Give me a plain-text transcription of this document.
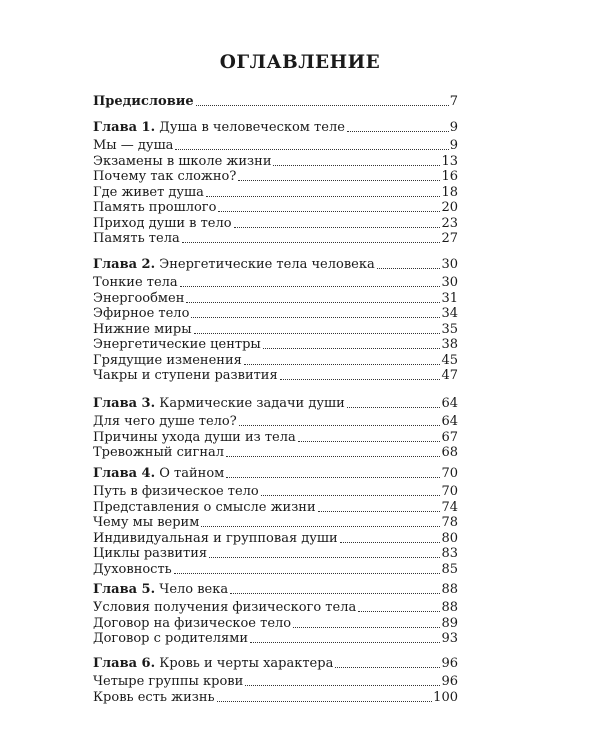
ОГЛАВЛЕНИЕ
Предисловие	7
Глава 1. Душа в человеческом теле	9
Мы — душа	9
Экзамены в школе жизни	13
Почему так сложно?	16
Где живет душа	18
Память прошлого	20
Приход души в тело	23
Память тела	27
Глава 2. Энергетические тела человека	30
Тонкие тела	30
Энергообмен	31
Эфирное тело	34
Нижние миры	35
Энергетические центры	38
Грядущие изменения	45
Чакры и ступени развития	47
Глава 3. Кармические задачи души	64
Для чего душе тело?	64
Причины ухода души из тела	67
Тревожный сигнал	68
Глава 4. О тайном	70
Путь в физическое тело	70
Представления о смысле жизни	74
Чему мы верим	78
Индивидуальная и групповая души	80
Циклы развития	83
Духовность	85
Глава 5. Чело века	88
Условия получения физического тела	88
Договор на физическое тело	89
Договор с родителями	93
Глава 6. Кровь и черты характера	96
Четыре группы крови	96
Кровь есть жизнь	100
